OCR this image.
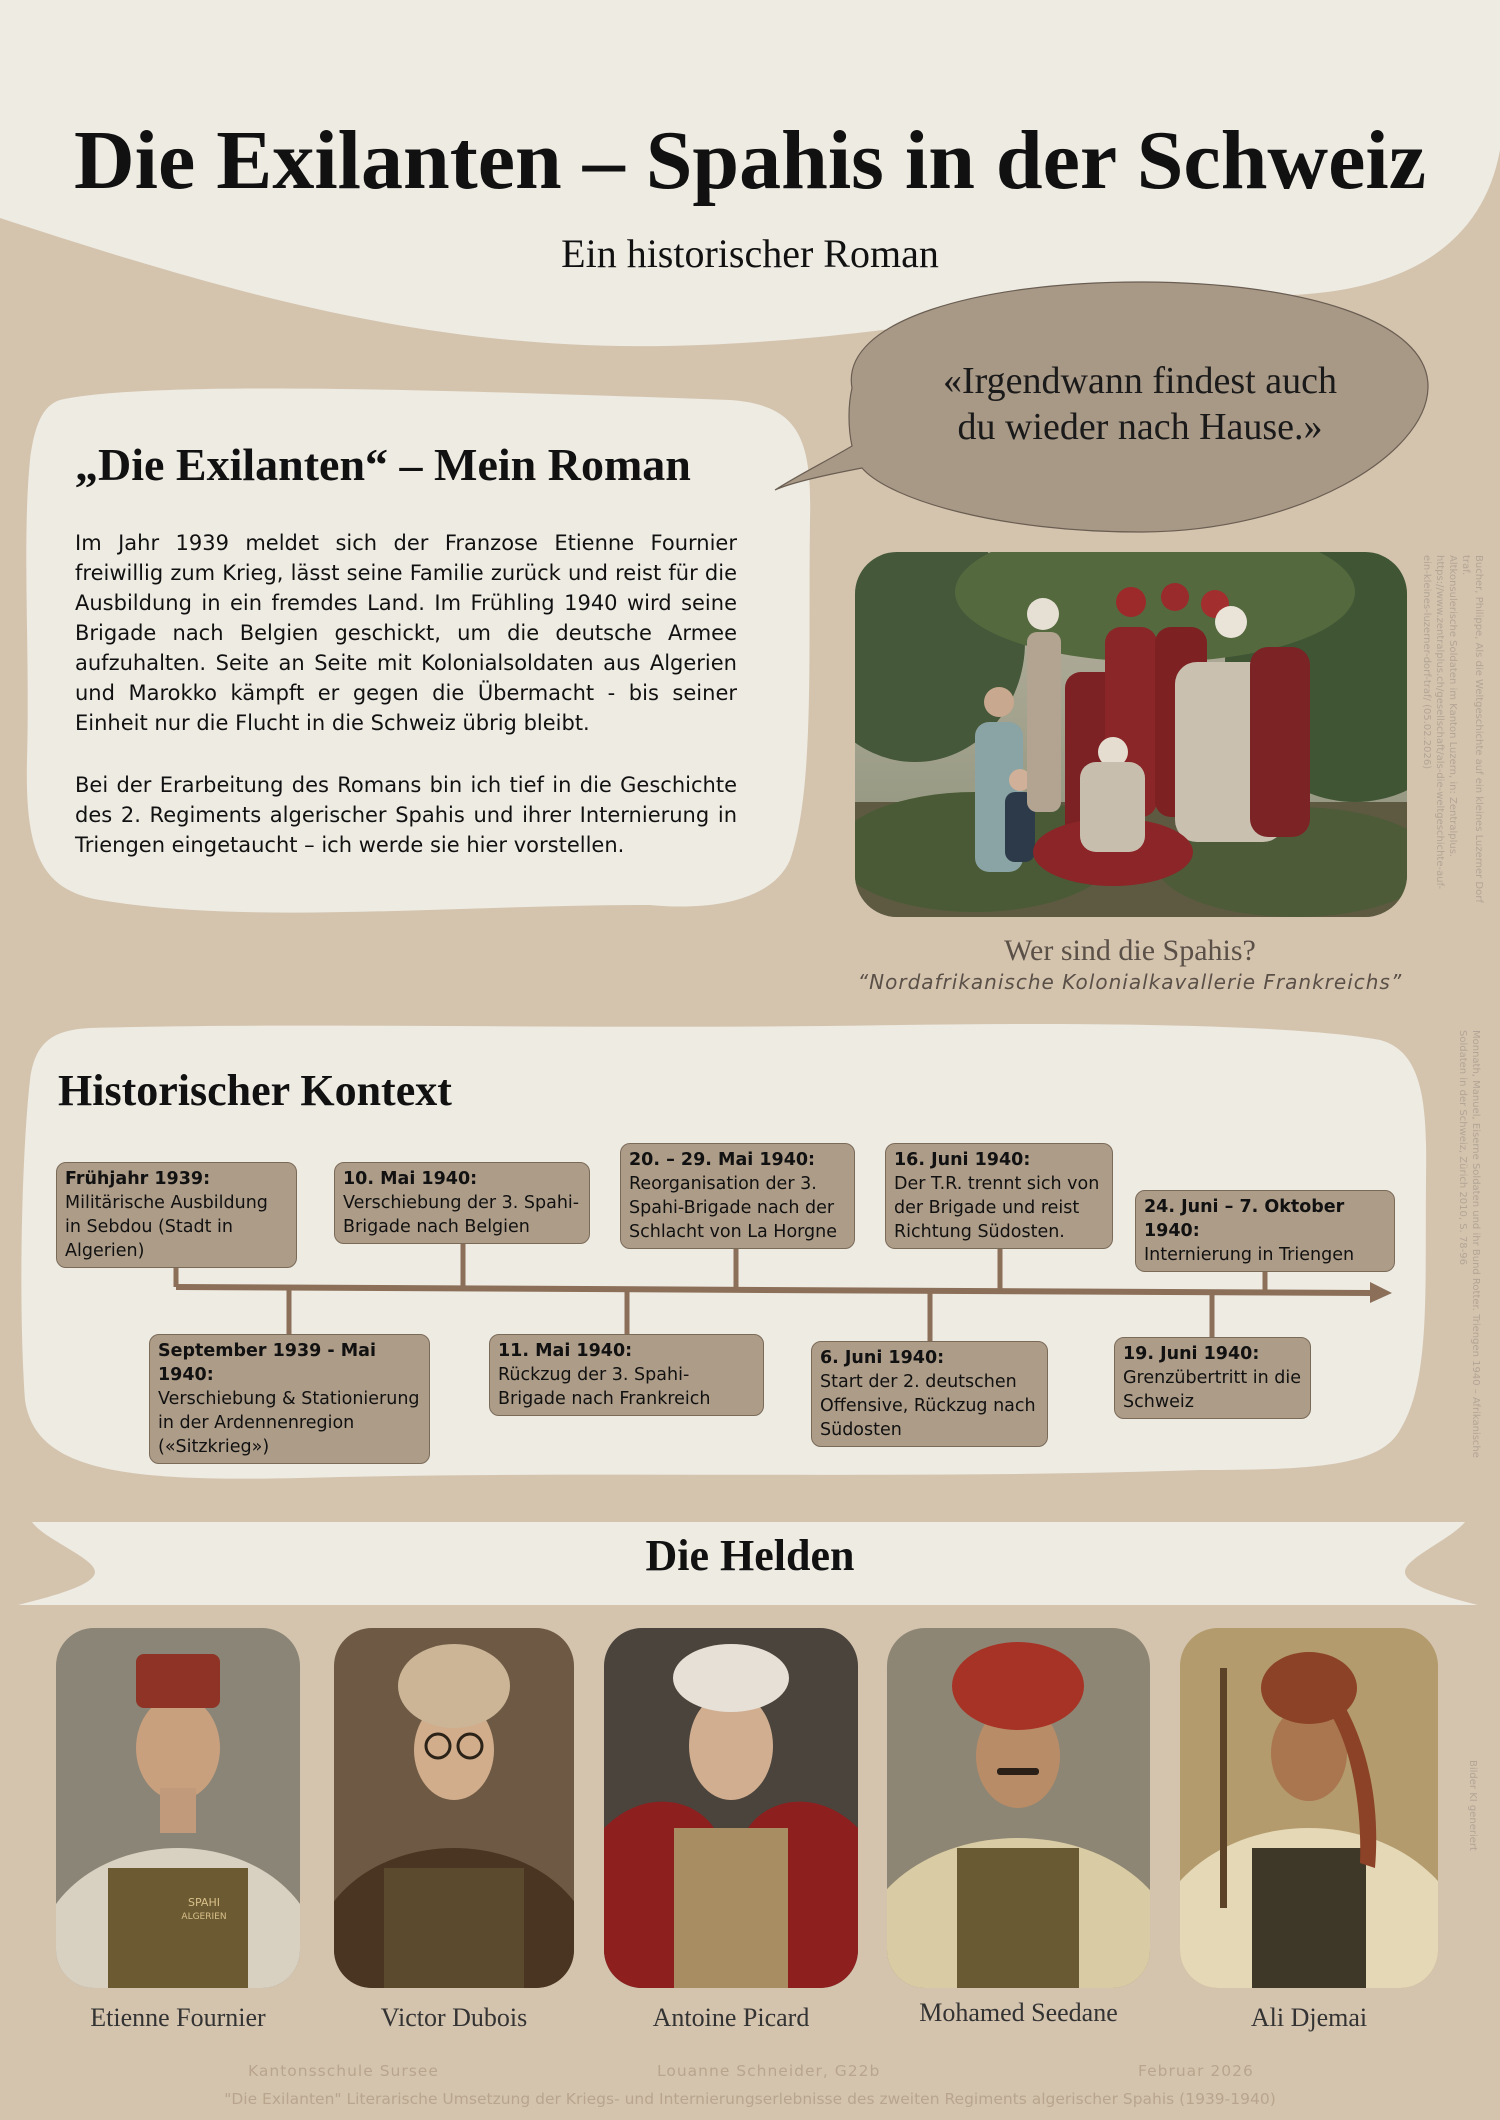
Die Exilanten – Spahis in der Schweiz
Ein historischer Roman
«Irgendwann findest auch
du wieder nach Hause.»
„Die Exilanten“ – Mein Roman
Im Jahr 1939 meldet sich der Franzose Etienne Fournier freiwillig zum Krieg, lässt seine Familie zurück und reist für die Ausbildung in ein fremdes Land. Im Frühling 1940 wird seine Brigade nach Belgien geschickt, um die deutsche Armee aufzuhalten. Seite an Seite mit Kolonialsoldaten aus Algerien und Marokko kämpft er gegen die Übermacht - bis seiner Einheit nur die Flucht in die Schweiz übrig bleibt.
Bei der Erarbeitung des Romans bin ich tief in die Geschichte des 2. Regiments algerischer Spahis und ihrer Internierung in Triengen eingetaucht – ich werde sie hier vorstellen.
Wer sind die Spahis?
“Nordafrikanische Kolonialkavallerie Frankreichs”
Bucher, Philippe, Als die Weltgeschichte auf ein kleines Luzerner Dorf traf.
Altkonsulerische Soldaten im Kanton Luzern, in: Zentralplus.
https://www.zentralplus.ch/gesellschaft/als-die-weltgeschichte-auf-
ein-kleines-luzerner-dorf-traf/ (05.02.2026)
Historischer Kontext
Frühjahr 1939:
Militärische Ausbildung in Sebdou (Stadt in Algerien)
10. Mai 1940:
Verschiebung der 3. Spahi-Brigade nach Belgien
20. – 29. Mai 1940:
Reorganisation der 3. Spahi-Brigade nach der Schlacht von La Horgne
16. Juni 1940:
Der T.R. trennt sich von der Brigade und reist Richtung Südosten.
24. Juni – 7. Oktober 1940:
Internierung in Triengen
September 1939 - Mai 1940:
Verschiebung & Stationierung in der Ardennenregion («Sitzkrieg»)
11. Mai 1940:
Rückzug der 3. Spahi-Brigade nach Frankreich
6. Juni 1940:
Start der 2. deutschen Offensive, Rückzug nach Südosten
19. Juni 1940:
Grenzübertritt in die Schweiz	Monnath, Manuel, Eiserne Soldaten und ihr Bund Rotter. Triengen 1940 – Afrikanische
Soldaten in der Schweiz, Zürich 2010, S. 78-96
Die Helden
SPAHI
ALGERIEN
Etienne Fournier	Victor Dubois	Antoine Picard	Mohamed Seedane	Ali Djemai
Bilder KI generiert
Kantonsschule Sursee	Louanne Schneider, G22b	Februar 2026
"Die Exilanten" Literarische Umsetzung der Kriegs- und Internierungserlebnisse des zweiten Regiments algerischer Spahis (1939-1940)
